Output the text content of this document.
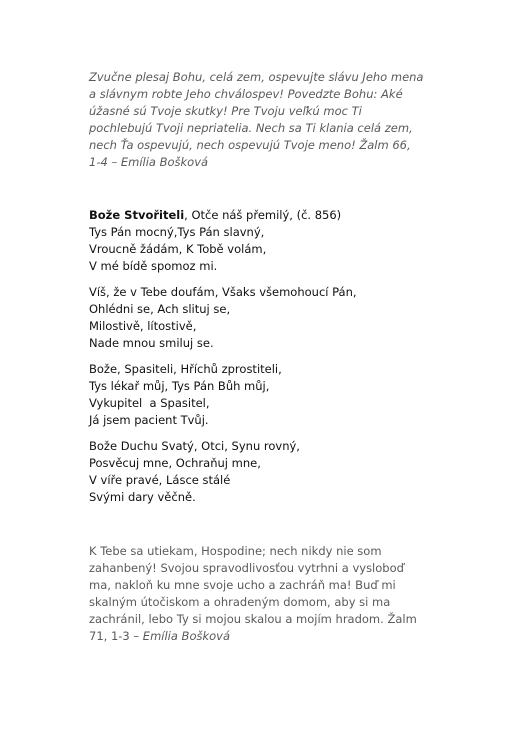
Zvučne plesaj Bohu, celá zem, ospevujte slávu Jeho mena
a slávnym robte Jeho chválospev! Povedzte Bohu: Aké
úžasné sú Tvoje skutky! Pre Tvoju veľkú moc Ti
pochlebujú Tvoji nepriatelia. Nech sa Ti klania celá zem,
nech Ťa ospevujú, nech ospevujú Tvoje meno! Žalm 66,
1-4 – Emília Bošková

Bože Stvořiteli, Otče náš přemilý, (č. 856)
Tys Pán mocný,Tys Pán slavný,
Vroucně žádám, K Tobě volám,
V mé bídě spomoz mi.
Víš, že v Tebe doufám, Všaks všemohoucí Pán,
Ohlédni se, Ach slituj se,
Milostivě, lítostivě,
Nade mnou smiluj se.
Bože, Spasiteli, Hříchů zprostiteli,
Tys lékař můj, Tys Pán Bůh můj,
Vykupitel  a Spasitel,
Já jsem pacient Tvůj.
Bože Duchu Svatý, Otci, Synu rovný,
Posvěcuj mne, Ochraňuj mne,
V víře pravé, Lásce stálé
Svými dary věčně.

K Tebe sa utiekam, Hospodine; nech nikdy nie som
zahanbený! Svojou spravodlivosťou vytrhni a vysloboď
ma, nakloň ku mne svoje ucho a zachráň ma! Buď mi
skalným útočiskom a ohradeným domom, aby si ma
zachránil, lebo Ty si mojou skalou a mojím hradom. Žalm
71, 1-3 – Emília Bošková
